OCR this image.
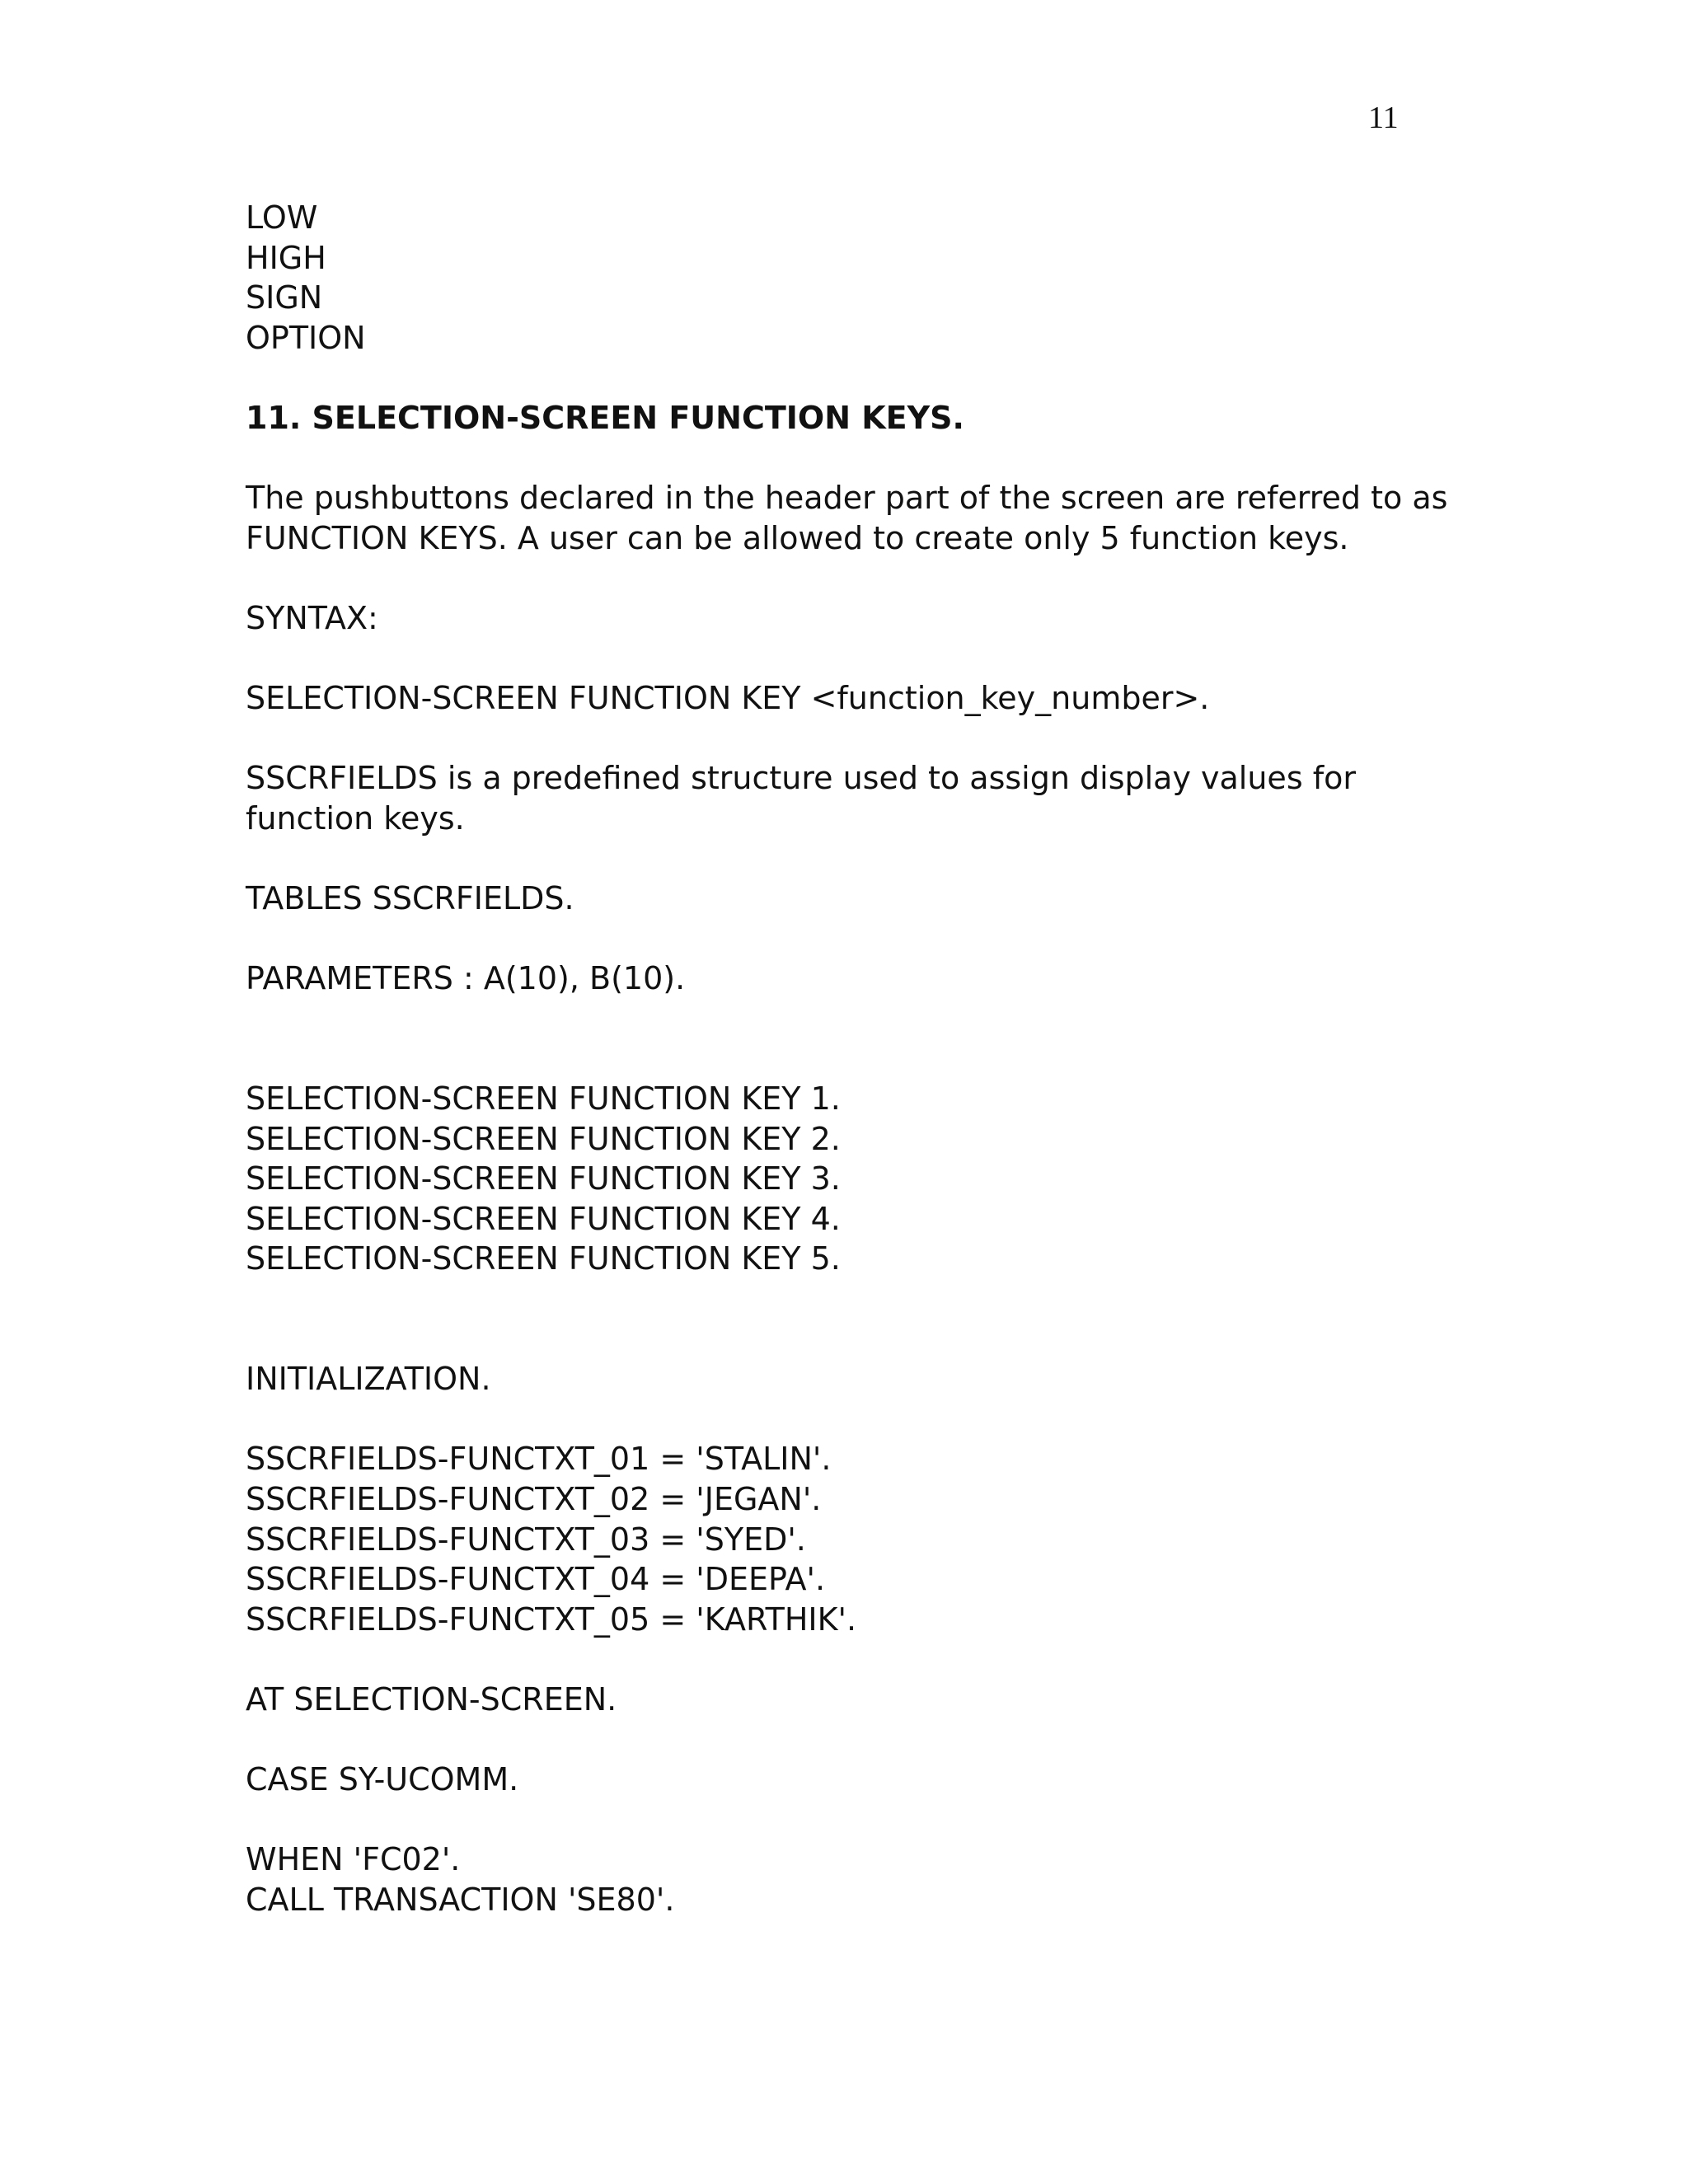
11
LOW
HIGH
SIGN
OPTION
11. SELECTION-SCREEN FUNCTION KEYS.
The pushbuttons declared in the header part of the screen are referred to as
FUNCTION KEYS. A user can be allowed to create only 5 function keys.
SYNTAX:
SELECTION-SCREEN FUNCTION KEY <function_key_number>.
SSCRFIELDS is a predefined structure used to assign display values for
function keys.
TABLES SSCRFIELDS.
PARAMETERS : A(10), B(10).
SELECTION-SCREEN FUNCTION KEY 1.
SELECTION-SCREEN FUNCTION KEY 2.
SELECTION-SCREEN FUNCTION KEY 3.
SELECTION-SCREEN FUNCTION KEY 4.
SELECTION-SCREEN FUNCTION KEY 5.
INITIALIZATION.
SSCRFIELDS-FUNCTXT_01 = 'STALIN'.
SSCRFIELDS-FUNCTXT_02 = 'JEGAN'.
SSCRFIELDS-FUNCTXT_03 = 'SYED'.
SSCRFIELDS-FUNCTXT_04 = 'DEEPA'.
SSCRFIELDS-FUNCTXT_05 = 'KARTHIK'.
AT SELECTION-SCREEN.
CASE SY-UCOMM.
WHEN 'FC02'.
CALL TRANSACTION 'SE80'.
